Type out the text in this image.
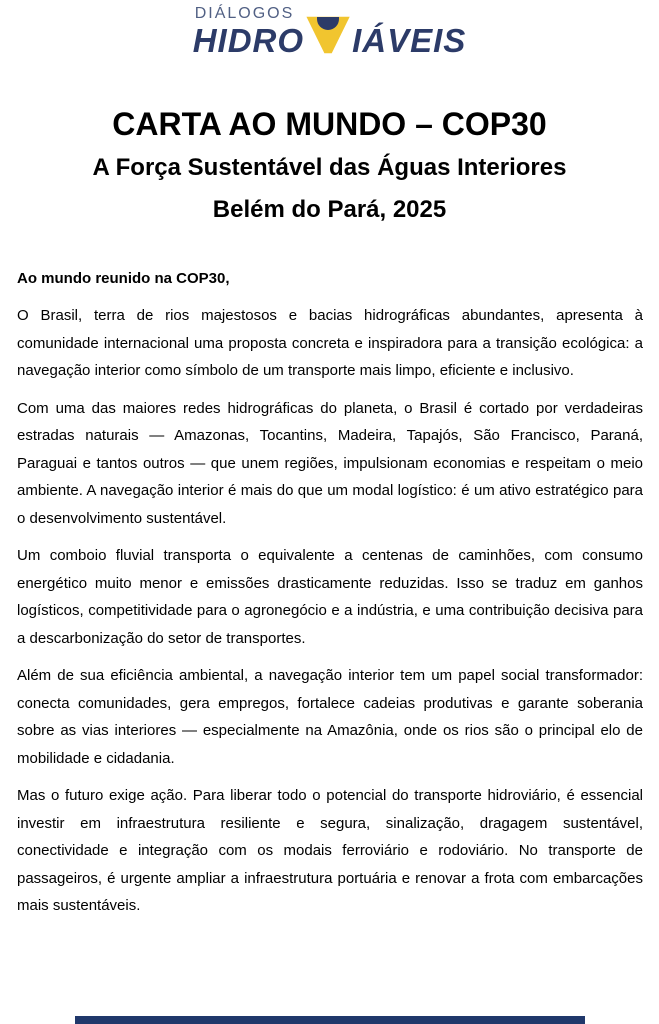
DIÁLOGOS
HIDRO IÁVEIS
CARTA AO MUNDO – COP30
A Força Sustentável das Águas Interiores
Belém do Pará, 2025

Ao mundo reunido na COP30,

O Brasil, terra de rios majestosos e bacias hidrográficas abundantes, apresenta à comunidade internacional uma proposta concreta e inspiradora para a transição ecológica: a navegação interior como símbolo de um transporte mais limpo, eficiente e inclusivo.

Com uma das maiores redes hidrográficas do planeta, o Brasil é cortado por verdadeiras estradas naturais — Amazonas, Tocantins, Madeira, Tapajós, São Francisco, Paraná, Paraguai e tantos outros — que unem regiões, impulsionam economias e respeitam o meio ambiente. A navegação interior é mais do que um modal logístico: é um ativo estratégico para o desenvolvimento sustentável.

Um comboio fluvial transporta o equivalente a centenas de caminhões, com consumo energético muito menor e emissões drasticamente reduzidas. Isso se traduz em ganhos logísticos, competitividade para o agronegócio e a indústria, e uma contribuição decisiva para a descarbonização do setor de transportes.

Além de sua eficiência ambiental, a navegação interior tem um papel social transformador: conecta comunidades, gera empregos, fortalece cadeias produtivas e garante soberania sobre as vias interiores — especialmente na Amazônia, onde os rios são o principal elo de mobilidade e cidadania.

Mas o futuro exige ação. Para liberar todo o potencial do transporte hidroviário, é essencial investir em infraestrutura resiliente e segura, sinalização, dragagem sustentável, conectividade e integração com os modais ferroviário e rodoviário. No transporte de passageiros, é urgente ampliar a infraestrutura portuária e renovar a frota com embarcações mais sustentáveis.
